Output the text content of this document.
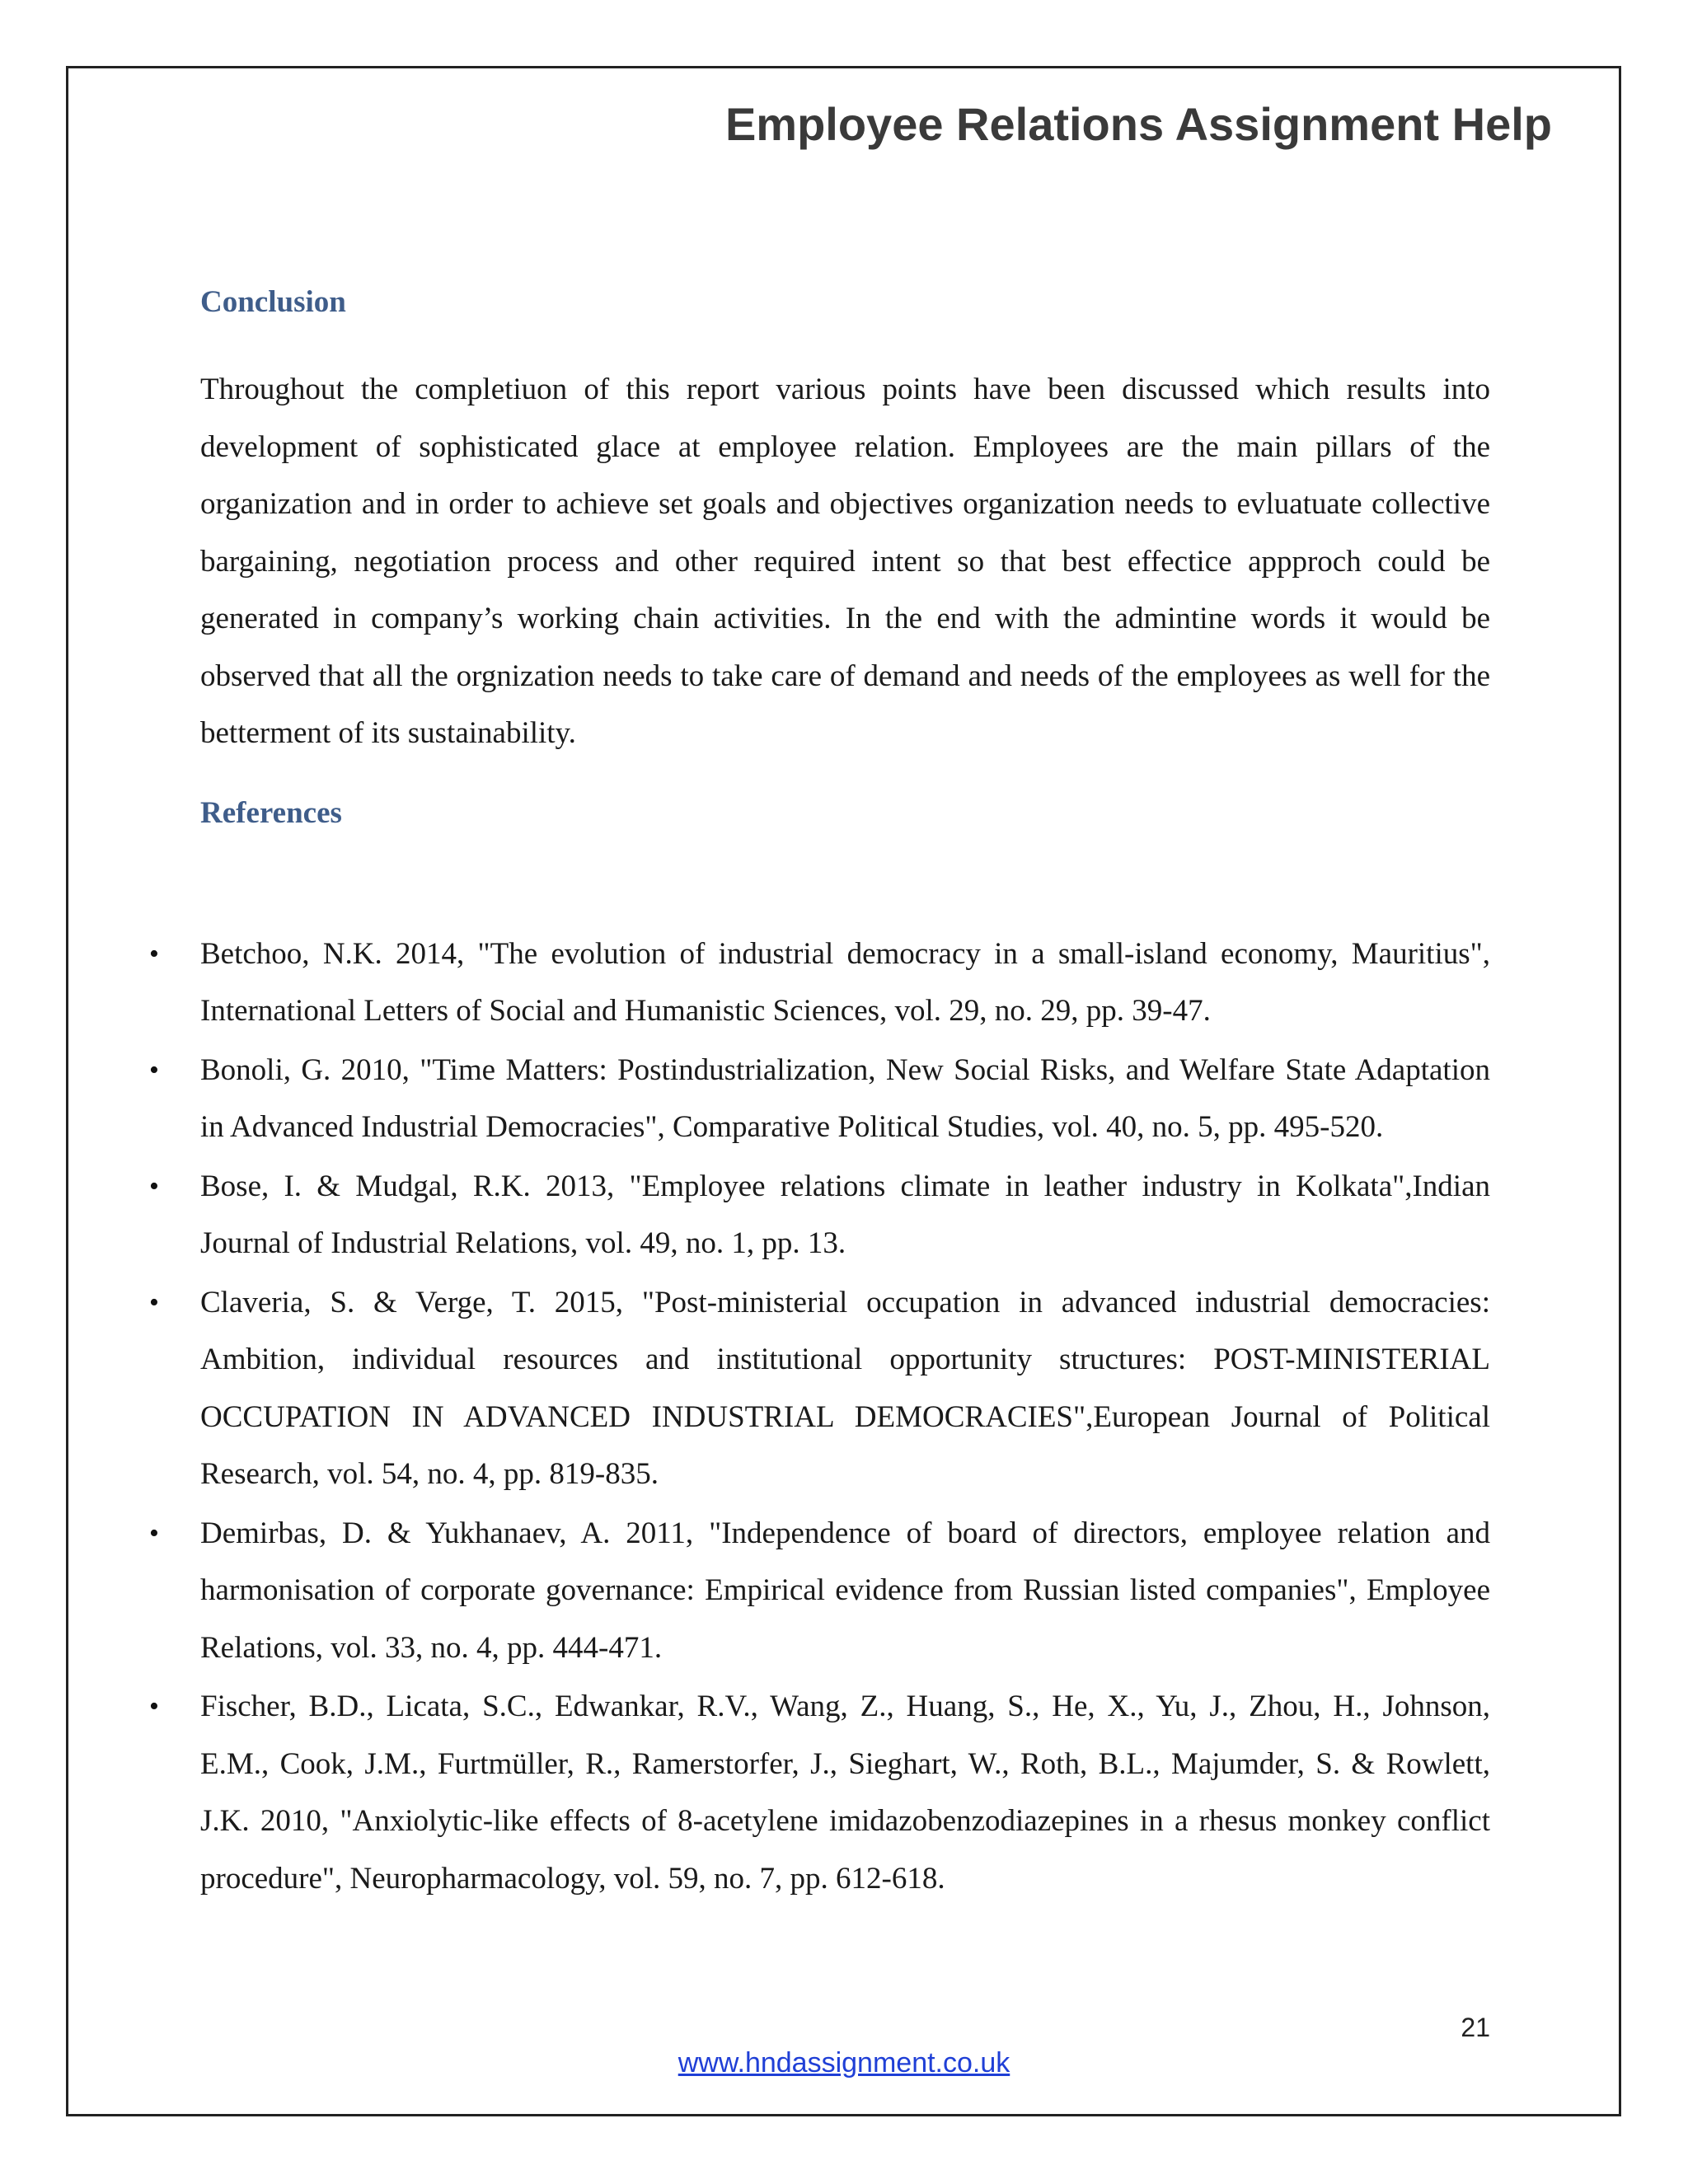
Employee Relations Assignment Help
Conclusion

Throughout the completiuon of this report various points have been discussed which results into development of sophisticated glace at employee relation. Employees are the main pillars of the organization and in order to achieve set goals and objectives organization needs to evluatuate collective bargaining, negotiation process and other required intent so that best effectice appproch could be generated in company’s working chain activities. In the end with the admintine words it would be observed that all the orgnization needs to take care of demand and needs of the employees as well for the betterment of its sustainability.

References
• Betchoo, N.K. 2014, "The evolution of industrial democracy in a small-island economy, Mauritius", International Letters of Social and Humanistic Sciences, vol. 29, no. 29, pp. 39-47.
• Bonoli, G. 2010, "Time Matters: Postindustrialization, New Social Risks, and Welfare State Adaptation in Advanced Industrial Democracies", Comparative Political Studies, vol. 40, no. 5, pp. 495-520.
• Bose, I. & Mudgal, R.K. 2013, "Employee relations climate in leather industry in Kolkata",Indian Journal of Industrial Relations, vol. 49, no. 1, pp. 13.
• Claveria, S. & Verge, T. 2015, "Post-ministerial occupation in advanced industrial democracies: Ambition, individual resources and institutional opportunity structures: POST-MINISTERIAL OCCUPATION IN ADVANCED INDUSTRIAL DEMOCRACIES",European Journal of Political Research, vol. 54, no. 4, pp. 819-835.
• Demirbas, D. & Yukhanaev, A. 2011, "Independence of board of directors, employee relation and harmonisation of corporate governance: Empirical evidence from Russian listed companies", Employee Relations, vol. 33, no. 4, pp. 444-471.
• Fischer, B.D., Licata, S.C., Edwankar, R.V., Wang, Z., Huang, S., He, X., Yu, J., Zhou, H., Johnson, E.M., Cook, J.M., Furtmüller, R., Ramerstorfer, J., Sieghart, W., Roth, B.L., Majumder, S. & Rowlett, J.K. 2010, "Anxiolytic-like effects of 8-acetylene imidazobenzodiazepines in a rhesus monkey conflict procedure", Neuropharmacology, vol. 59, no. 7, pp. 612-618.
21
www.hndassignment.co.uk
